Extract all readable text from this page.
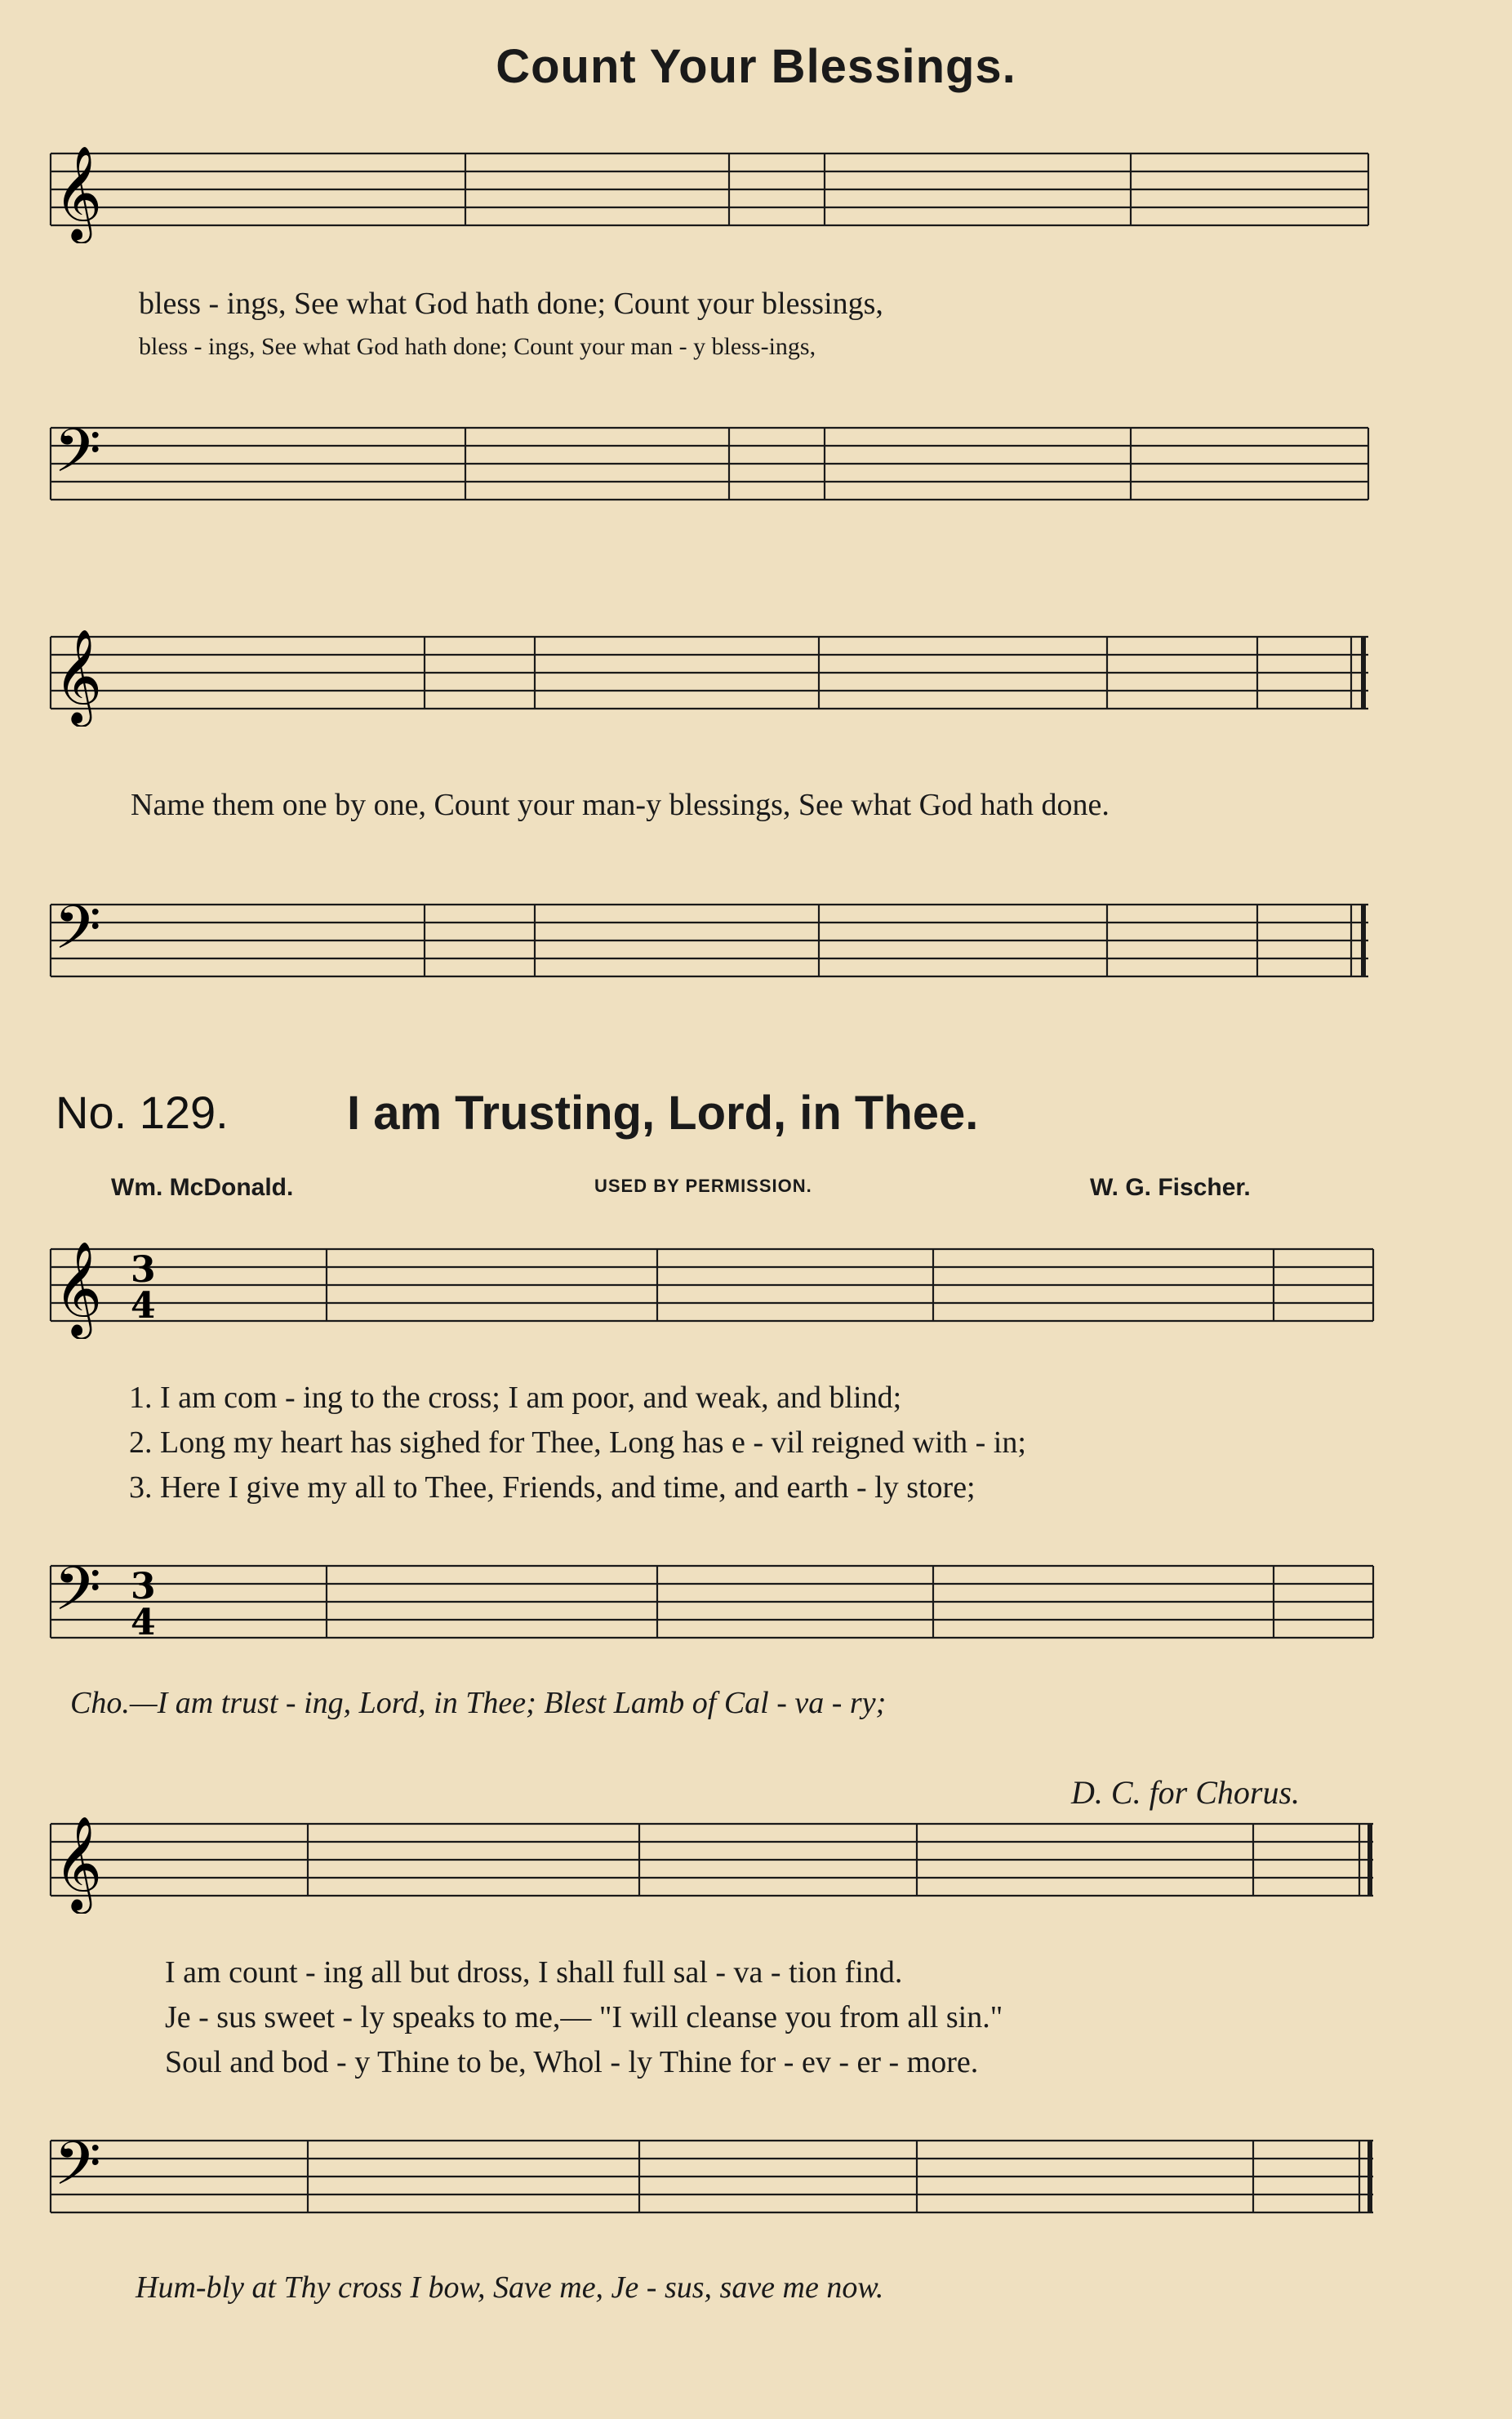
Count Your Blessings.
𝄞
bless - ings, See what God hath done; Count your blessings,
bless - ings, See what God hath done; Count your man - y bless-ings,
𝄢
𝄞
Name them one by one, Count your man-y blessings, See what God hath done.
𝄢
No. 129.	I am Trusting, Lord, in Thee.
Wm. McDonald.	USED BY PERMISSION.	W. G. Fischer.
𝄞 3
4
1. I am com - ing to the cross; I am poor, and weak, and blind;
2. Long my heart has sighed for Thee, Long has e - vil reigned with - in;
3. Here I give my all to Thee, Friends, and time, and earth - ly store;
𝄢 3
4
Cho.—I am trust - ing, Lord, in Thee; Blest Lamb of Cal - va - ry;
D. C. for Chorus.
𝄞
I am count - ing all but dross, I shall full sal - va - tion find.
Je - sus sweet - ly speaks to me,— "I will cleanse you from all sin."
Soul and bod - y Thine to be, Whol - ly Thine for - ev - er - more.
𝄢
Hum-bly at Thy cross I bow, Save me, Je - sus, save me now.
